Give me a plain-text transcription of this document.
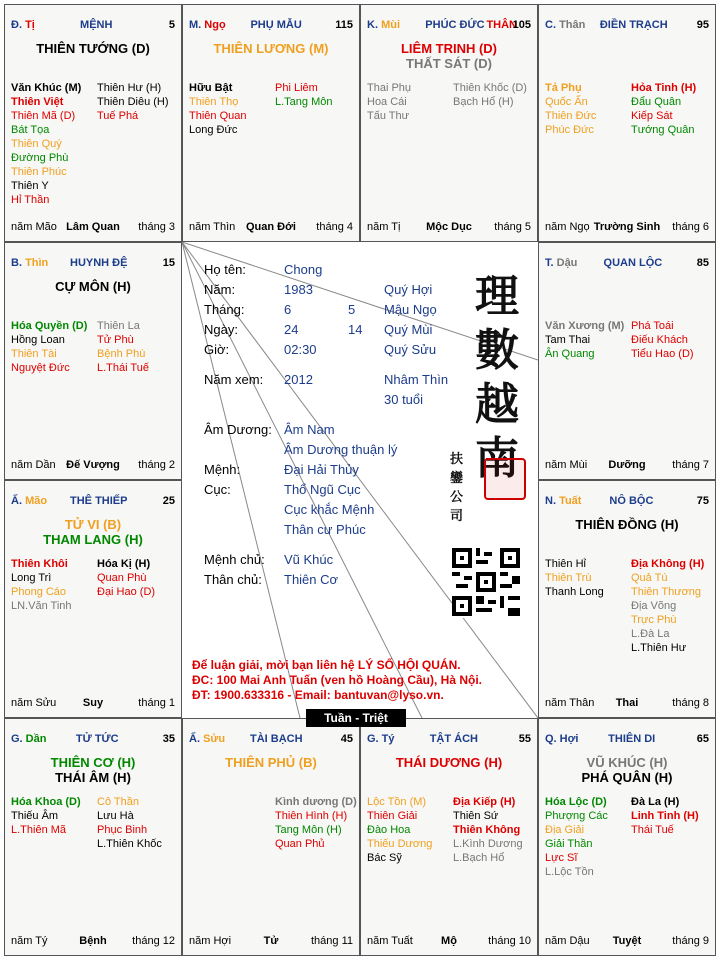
Họ tên:	Chong
Năm:	1983	Quý Hợi
Tháng:	6	5 Mậu Ngọ
Ngày:	24	14 Quý Mùi
Giờ:	02:30	Quý Sửu
Năm xem: 2012	Nhâm Thìn
30 tuổi
Âm Dương: Âm Nam
Âm Dương thuận lý
Mệnh:	Đại Hải Thủy
Cục:	Thổ Ngũ Cục
Cục khắc Mệnh
Thân cư Phúc
Mệnh chủ: Vũ Khúc
Thân chủ: Thiên Cơ
理
數
越
南
扶
鑾
公
司
Để luận giải, mời bạn liên hệ LÝ SỐ HỘI QUÁN.
ĐC: 100 Mai Anh Tuấn (ven hồ Hoàng Cầu), Hà Nội.
ĐT: 1900.633316 - Email: bantuvan@lyso.vn.
Đ. Tị	MỆNH	5
THIÊN TƯỚNG (D)
Văn Khúc (M)
Thiên Việt
Thiên Mã (D)
Bát Tọa
Thiên Quý
Đường Phù
Thiên Phúc
Thiên Y
Hỉ Thần
Thiên Hư (H)
Thiên Diêu (H)
Tuế Phá
năm Mão Lâm Quan tháng 3
M. Ngọ PHỤ MẪU	115
THIÊN LƯƠNG (M)
Hữu Bật
Thiên Thọ
Thiên Quan
Long Đức
Phi Liêm
L.Tang Môn
năm Thìn Quan Đới tháng 4
K. Mùi PHÚC ĐỨC THÂN
105
LIÊM TRINH (D)
THẤT SÁT (D)
Thai Phụ
Hoa Cái
Tấu Thư
Thiên Khốc (D)
Bạch Hổ (H)
năm Tị Mộc Dục tháng 5
C. Thân ĐIỀN TRẠCH	95
Tả Phụ
Quốc Ấn
Thiên Đức
Phúc Đức
Hỏa Tinh (H)
Đẩu Quân
Kiếp Sát
Tướng Quân
năm Ngọ Trường Sinh tháng 6
B. Thìn HUYNH ĐỆ	15
CỰ MÔN (H)
Hóa Quyền (D)
Hồng Loan
Thiên Tài
Nguyệt Đức
Thiên La
Tử Phù
Bệnh Phù
L.Thái Tuế
năm Dần Đế Vượng tháng 2
T. Dậu QUAN LỘC	85
Văn Xương (M)
Tam Thai
Ân Quang
Phá Toái
Điếu Khách
Tiểu Hao (D)
năm Mùi Dưỡng tháng 7
Ấ. Mão THÊ THIẾP	25
TỬ VI (B)
THAM LANG (H)
Thiên Khôi
Long Trì
Phong Cáo
LN.Văn Tinh
Hóa Kị (H)
Quan Phù
Đại Hao (D)
năm Sửu Suy	tháng 1
N. Tuất	NÔ BỘC	75
THIÊN ĐỒNG (H)
Thiên Hỉ
Thiên Trù
Thanh Long
Địa Không (H)
Quả Tú
Thiên Thương
Địa Võng
Trực Phù
L.Đà La
L.Thiên Hư
năm Thân Thai	tháng 8
G. Dần	TỬ TỨC	35
THIÊN CƠ (H)
THÁI ÂM (H)
Hóa Khoa (D)
Thiếu Âm
L.Thiên Mã
Cô Thần
Lưu Hà
Phục Binh
L.Thiên Khốc
năm Tý	Bệnh tháng 12
Ấ. Sửu TÀI BẠCH	45
THIÊN PHỦ (B)
Kình dương (D)
Thiên Hình (H)
Tang Môn (H)
Quan Phủ
năm Hợi	Tử	tháng 11
G. Tý	TẬT ÁCH	55
THÁI DƯƠNG (H)
Lộc Tồn (M)
Thiên Giải
Đào Hoa
Thiếu Dương
Bác Sỹ
Địa Kiếp (H)
Thiên Sứ
Thiên Không
L.Kình Dương
L.Bạch Hổ
năm Tuất	Mộ	tháng 10
Q. Hợi	THIÊN DI	65
VŨ KHÚC (H)
PHÁ QUÂN (H)
Hóa Lộc (D)
Phượng Các
Địa Giải
Giải Thần
Lực Sĩ
L.Lộc Tồn
Đà La (H)
Linh Tinh (H)
Thái Tuế
năm Dậu Tuyệt	tháng 9
Tuần - Triệt
